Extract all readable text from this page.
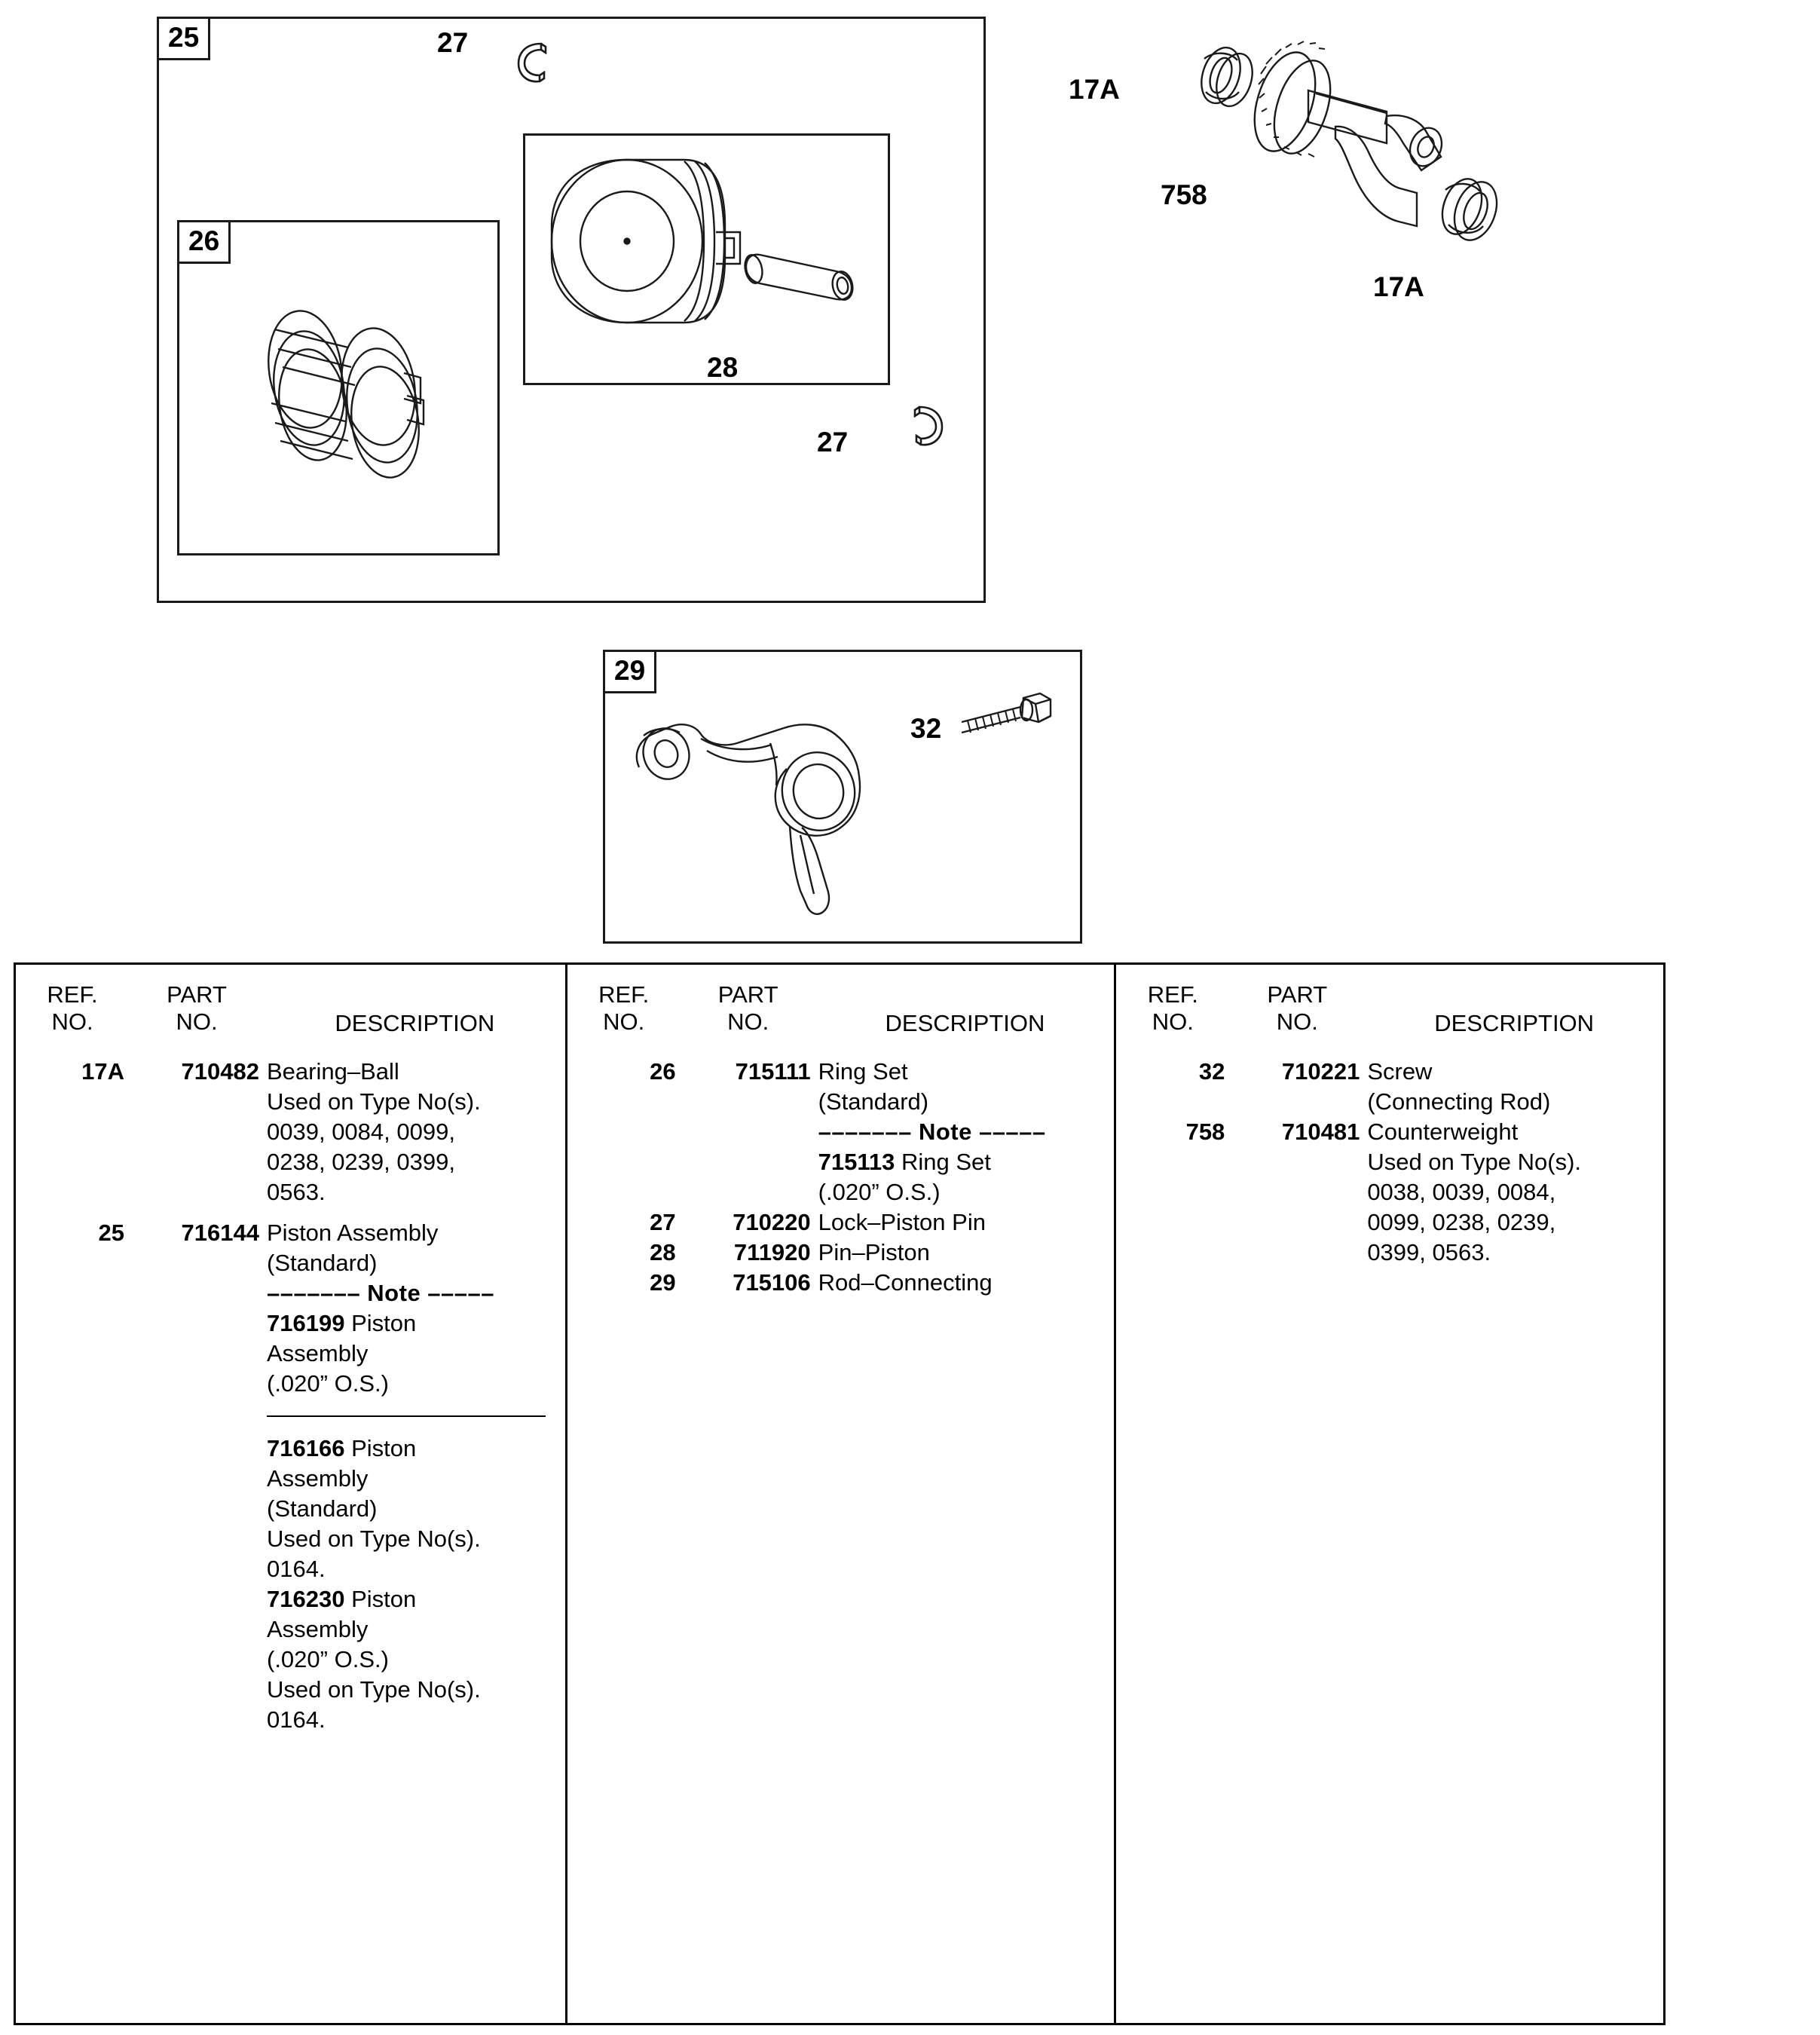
25
26
27
27
28
17A
758
17A
29
32
REF.
NO.
PART
NO.	DESCRIPTION
17A	710482 Bearing–Ball
Used on Type No(s).
0039, 0084, 0099,
0238, 0239, 0399,
0563.
25	716144 Piston Assembly
(Standard)
––––––– Note –––––
716199 Piston
Assembly
(.020” O.S.)
716166 Piston
Assembly
(Standard)
Used on Type No(s).
0164.
716230 Piston
Assembly
(.020” O.S.)
Used on Type No(s).
0164.
REF.
NO.
PART
NO.	DESCRIPTION
26	715111 Ring Set
(Standard)
––––––– Note –––––
715113 Ring Set
(.020” O.S.)
27	710220 Lock–Piston Pin
28	711920 Pin–Piston
29	715106 Rod–Connecting
REF.
NO.
PART
NO.	DESCRIPTION
32	710221 Screw
(Connecting Rod)
758	710481 Counterweight
Used on Type No(s).
0038, 0039, 0084,
0099, 0238, 0239,
0399, 0563.
